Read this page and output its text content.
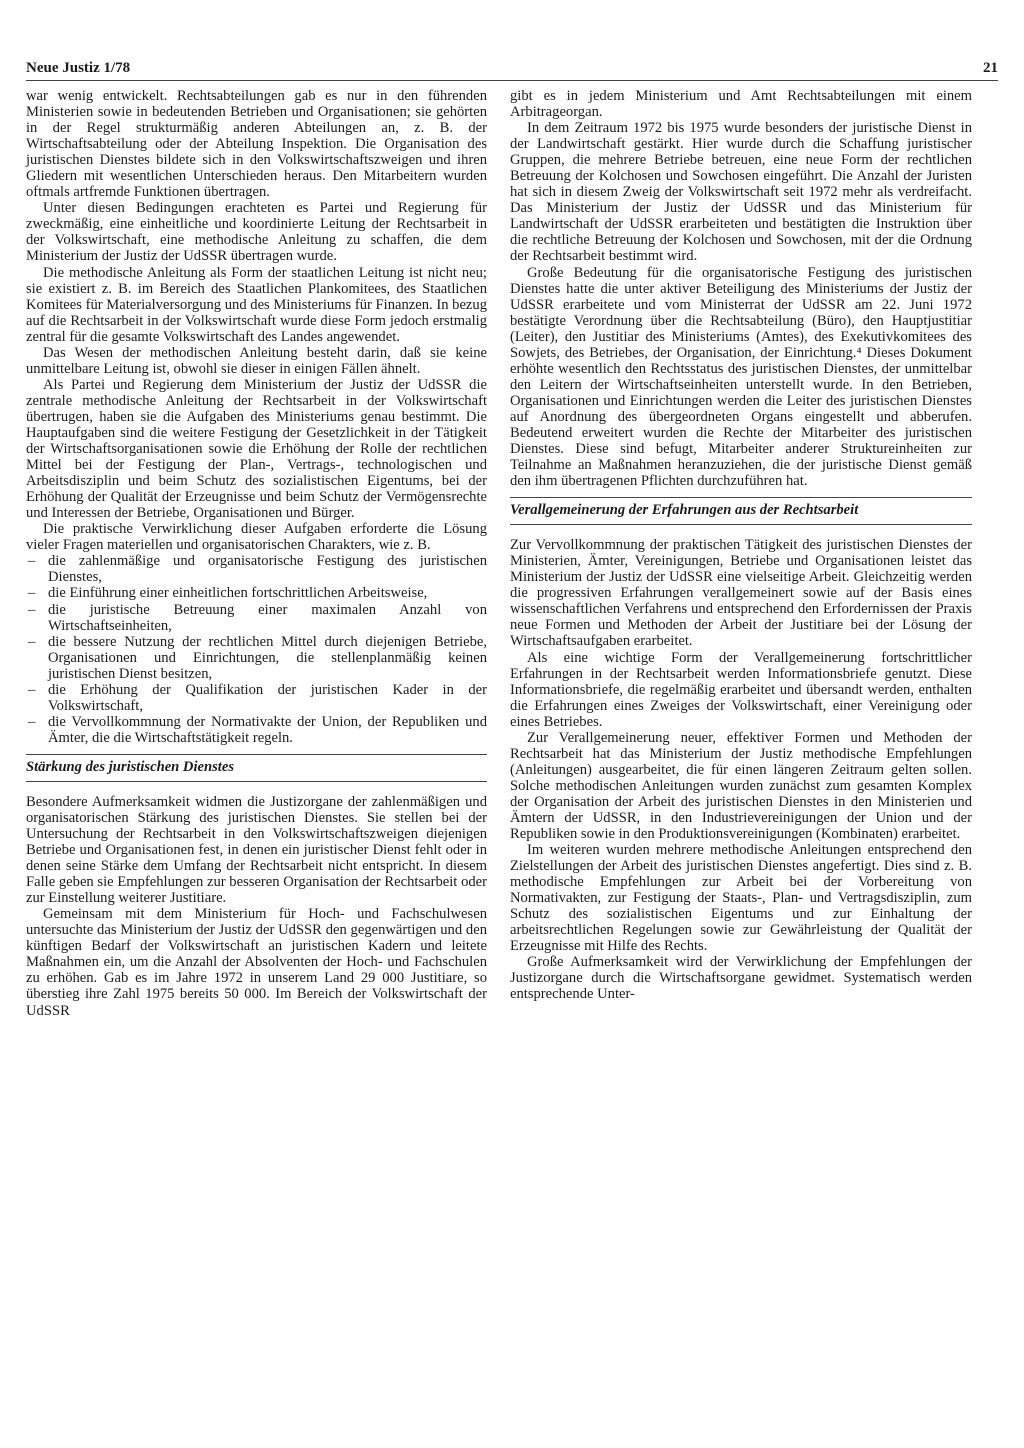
Neue Justiz 1/78	21

war wenig entwickelt. Rechtsabteilungen gab es nur in den führenden Ministerien sowie in bedeutenden Betrieben und Organisationen; sie gehörten in der Regel strukturmäßig anderen Abteilungen an, z. B. der Wirtschaftsabteilung oder der Abteilung Inspektion. Die Organisation des juristischen Dienstes bildete sich in den Volkswirtschaftszweigen und ihren Gliedern mit wesentlichen Unterschieden heraus. Den Mitarbeitern wurden oftmals artfremde Funktionen übertragen.

Unter diesen Bedingungen erachteten es Partei und Regierung für zweckmäßig, eine einheitliche und koordinierte Leitung der Rechtsarbeit in der Volkswirtschaft, eine methodische Anleitung zu schaffen, die dem Ministerium der Justiz der UdSSR übertragen wurde.

Die methodische Anleitung als Form der staatlichen Leitung ist nicht neu; sie existiert z. B. im Bereich des Staatlichen Plankomitees, des Staatlichen Komitees für Materialversorgung und des Ministeriums für Finanzen. In bezug auf die Rechtsarbeit in der Volkswirtschaft wurde diese Form jedoch erstmalig zentral für die gesamte Volkswirtschaft des Landes angewendet.

Das Wesen der methodischen Anleitung besteht darin, daß sie keine unmittelbare Leitung ist, obwohl sie dieser in einigen Fällen ähnelt.

Als Partei und Regierung dem Ministerium der Justiz der UdSSR die zentrale methodische Anleitung der Rechtsarbeit in der Volkswirtschaft übertrugen, haben sie die Aufgaben des Ministeriums genau bestimmt. Die Hauptaufgaben sind die weitere Festigung der Gesetzlichkeit in der Tätigkeit der Wirtschaftsorganisationen sowie die Erhöhung der Rolle der rechtlichen Mittel bei der Festigung der Plan-, Vertrags-, technologischen und Arbeitsdisziplin und beim Schutz des sozialistischen Eigentums, bei der Erhöhung der Qualität der Erzeugnisse und beim Schutz der Vermögensrechte und Interessen der Betriebe, Organisationen und Bürger.

Die praktische Verwirklichung dieser Aufgaben erforderte die Lösung vieler Fragen materiellen und organisatorischen Charakters, wie z. B.

– die zahlenmäßige und organisatorische Festigung des juristischen Dienstes,
– die Einführung einer einheitlichen fortschrittlichen Arbeitsweise,
– die juristische Betreuung einer maximalen Anzahl von Wirtschaftseinheiten,
– die bessere Nutzung der rechtlichen Mittel durch diejenigen Betriebe, Organisationen und Einrichtungen, die stellenplanmäßig keinen juristischen Dienst besitzen,
– die Erhöhung der Qualifikation der juristischen Kader in der Volkswirtschaft,
– die Vervollkommnung der Normativakte der Union, der Republiken und Ämter, die die Wirtschaftstätigkeit regeln.
Stärkung des juristischen Dienstes

Besondere Aufmerksamkeit widmen die Justizorgane der zahlenmäßigen und organisatorischen Stärkung des juristischen Dienstes. Sie stellen bei der Untersuchung der Rechtsarbeit in den Volkswirtschaftszweigen diejenigen Betriebe und Organisationen fest, in denen ein juristischer Dienst fehlt oder in denen seine Stärke dem Umfang der Rechtsarbeit nicht entspricht. In diesem Falle geben sie Empfehlungen zur besseren Organisation der Rechtsarbeit oder zur Einstellung weiterer Justitiare.

Gemeinsam mit dem Ministerium für Hoch- und Fachschulwesen untersuchte das Ministerium der Justiz der UdSSR den gegenwärtigen und den künftigen Bedarf der Volkswirtschaft an juristischen Kadern und leitete Maßnahmen ein, um die Anzahl der Absolventen der Hoch- und Fachschulen zu erhöhen. Gab es im Jahre 1972 in unserem Land 29 000 Justitiare, so überstieg ihre Zahl 1975 bereits 50 000. Im Bereich der Volkswirtschaft der UdSSR

gibt es in jedem Ministerium und Amt Rechtsabteilungen mit einem Arbitrageorgan.

In dem Zeitraum 1972 bis 1975 wurde besonders der juristische Dienst in der Landwirtschaft gestärkt. Hier wurde durch die Schaffung juristischer Gruppen, die mehrere Betriebe betreuen, eine neue Form der rechtlichen Betreuung der Kolchosen und Sowchosen eingeführt. Die Anzahl der Juristen hat sich in diesem Zweig der Volkswirtschaft seit 1972 mehr als verdreifacht. Das Ministerium der Justiz der UdSSR und das Ministerium für Landwirtschaft der UdSSR erarbeiteten und bestätigten die Instruktion über die rechtliche Betreuung der Kolchosen und Sowchosen, mit der die Ordnung der Rechtsarbeit bestimmt wird.

Große Bedeutung für die organisatorische Festigung des juristischen Dienstes hatte die unter aktiver Beteiligung des Ministeriums der Justiz der UdSSR erarbeitete und vom Ministerrat der UdSSR am 22. Juni 1972 bestätigte Verordnung über die Rechtsabteilung (Büro), den Hauptjustitiar (Leiter), den Justitiar des Ministeriums (Amtes), des Exekutivkomitees des Sowjets, des Betriebes, der Organisation, der Einrichtung.⁴ Dieses Dokument erhöhte wesentlich den Rechtsstatus des juristischen Dienstes, der unmittelbar den Leitern der Wirtschaftseinheiten unterstellt wurde. In den Betrieben, Organisationen und Einrichtungen werden die Leiter des juristischen Dienstes auf Anordnung des übergeordneten Organs eingestellt und abberufen. Bedeutend erweitert wurden die Rechte der Mitarbeiter des juristischen Dienstes. Diese sind befugt, Mitarbeiter anderer Struktureinheiten zur Teilnahme an Maßnahmen heranzuziehen, die der juristische Dienst gemäß den ihm übertragenen Pflichten durchzuführen hat.

Verallgemeinerung der Erfahrungen aus der Rechtsarbeit

Zur Vervollkommnung der praktischen Tätigkeit des juristischen Dienstes der Ministerien, Ämter, Vereinigungen, Betriebe und Organisationen leistet das Ministerium der Justiz der UdSSR eine vielseitige Arbeit. Gleichzeitig werden die progressiven Erfahrungen verallgemeinert sowie auf der Basis eines wissenschaftlichen Verfahrens und entsprechend den Erfordernissen der Praxis neue Formen und Methoden der Arbeit der Justitiare bei der Lösung der Wirtschaftsaufgaben erarbeitet.

Als eine wichtige Form der Verallgemeinerung fortschrittlicher Erfahrungen in der Rechtsarbeit werden Informationsbriefe genutzt. Diese Informationsbriefe, die regelmäßig erarbeitet und übersandt werden, enthalten die Erfahrungen eines Zweiges der Volkswirtschaft, einer Vereinigung oder eines Betriebes.

Zur Verallgemeinerung neuer, effektiver Formen und Methoden der Rechtsarbeit hat das Ministerium der Justiz methodische Empfehlungen (Anleitungen) ausgearbeitet, die für einen längeren Zeitraum gelten sollen. Solche methodischen Anleitungen wurden zunächst zum gesamten Komplex der Organisation der Arbeit des juristischen Dienstes in den Ministerien und Ämtern der UdSSR, in den Industrievereinigungen der Union und der Republiken sowie in den Produktionsvereinigungen (Kombinaten) erarbeitet.

Im weiteren wurden mehrere methodische Anleitungen entsprechend den Zielstellungen der Arbeit des juristischen Dienstes angefertigt. Dies sind z. B. methodische Empfehlungen zur Arbeit bei der Vorbereitung von Normativakten, zur Festigung der Staats-, Plan- und Vertragsdisziplin, zum Schutz des sozialistischen Eigentums und zur Einhaltung der arbeitsrechtlichen Regelungen sowie zur Gewährleistung der Qualität der Erzeugnisse mit Hilfe des Rechts.

Große Aufmerksamkeit wird der Verwirklichung der Empfehlungen der Justizorgane durch die Wirtschaftsorgane gewidmet. Systematisch werden entsprechende Unter-
